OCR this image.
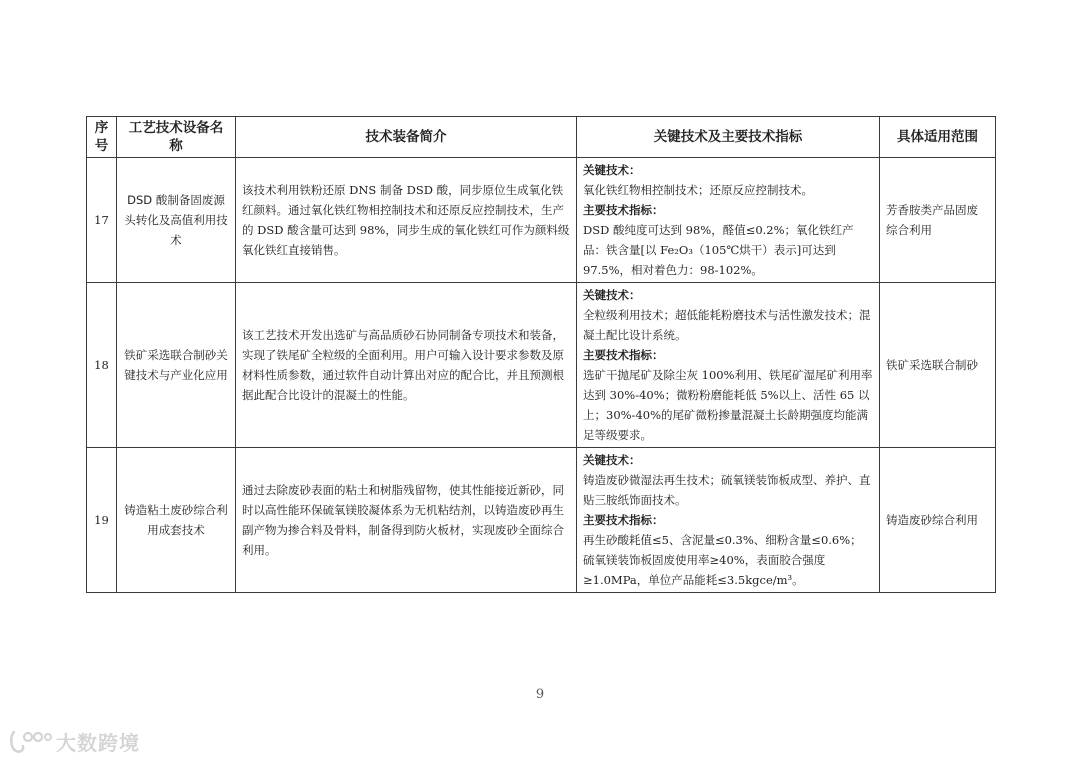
序号	工艺技术设备名称	技术装备简介	关键技术及主要技术指标	具体适用范围
17	DSD 酸制备固废源头转化及高值利用技术	该技术利用铁粉还原 DNS 制备 DSD 酸，同步原位生成氧化铁红颜料。通过氧化铁红物相控制技术和还原反应控制技术，生产的 DSD 酸含量可达到 98%，同步生成的氧化铁红可作为颜料级氧化铁红直接销售。	关键技术：
氧化铁红物相控制技术；还原反应控制技术。
主要技术指标：
DSD 酸纯度可达到 98%，醛值≤0.2%；氧化铁红产品：铁含量[以 Fe₂O₃（105℃烘干）表示]可达到 97.5%，相对着色力：98-102%。	芳香胺类产品固废综合利用
18	铁矿采选联合制砂关键技术与产业化应用	该工艺技术开发出选矿与高品质砂石协同制备专项技术和装备，实现了铁尾矿全粒级的全面利用。用户可输入设计要求参数及原材料性质参数，通过软件自动计算出对应的配合比，并且预测根据此配合比设计的混凝土的性能。	关键技术：
全粒级利用技术；超低能耗粉磨技术与活性激发技术；混凝土配比设计系统。
主要技术指标：
选矿干抛尾矿及除尘灰 100%利用、铁尾矿湿尾矿利用率达到 30%-40%；微粉粉磨能耗低 5%以上、活性 65 以上；30%-40%的尾矿微粉掺量混凝土长龄期强度均能满足等级要求。	铁矿采选联合制砂
19	铸造粘土废砂综合利用成套技术	通过去除废砂表面的粘土和树脂残留物，使其性能接近新砂，同时以高性能环保硫氧镁胶凝体系为无机粘结剂，以铸造废砂再生副产物为掺合料及骨料，制备得到防火板材，实现废砂全面综合利用。	关键技术：
铸造废砂微湿法再生技术；硫氧镁装饰板成型、养护、直贴三胺纸饰面技术。
主要技术指标：
再生砂酸耗值≤5、含泥量≤0.3%、细粉含量≤0.6%；硫氧镁装饰板固废使用率≥40%，表面胶合强度≥1.0MPa，单位产品能耗≤3.5kgce/m³。	铸造废砂综合利用
9
大数跨境
